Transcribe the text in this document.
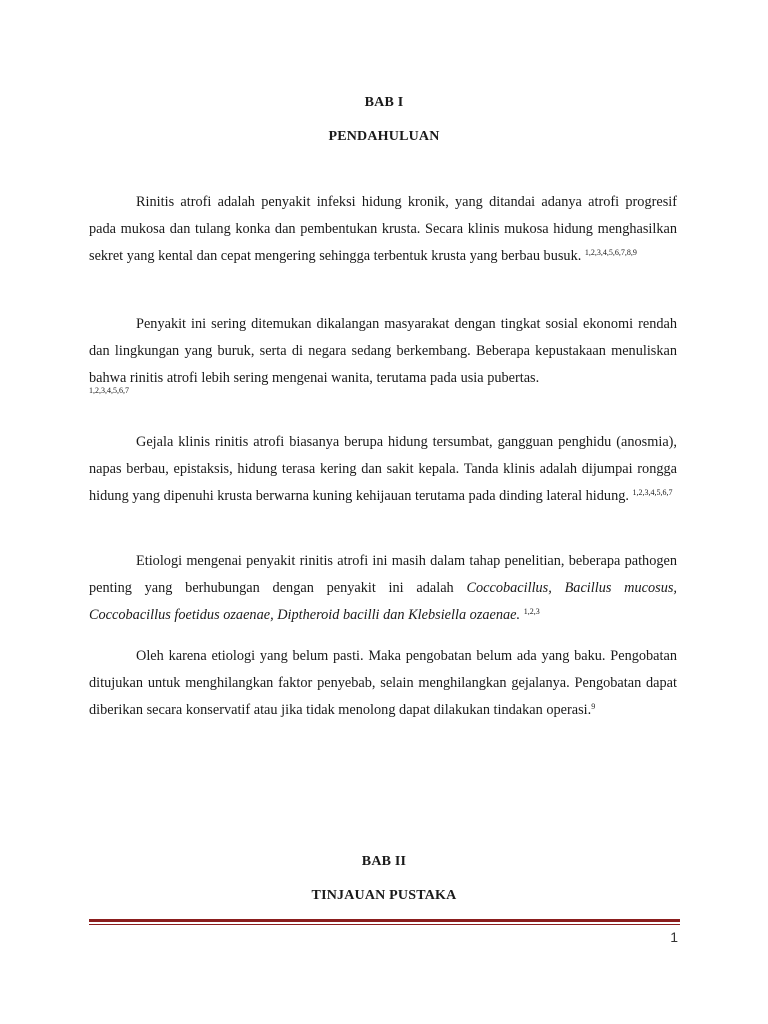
BAB I
PENDAHULUAN
Rinitis atrofi adalah penyakit infeksi hidung kronik, yang ditandai adanya atrofi progresif pada mukosa dan tulang konka dan pembentukan krusta. Secara klinis mukosa hidung menghasilkan sekret yang kental dan cepat mengering sehingga terbentuk krusta yang berbau busuk. $^{1,2,3,4,5,6,7,8,9}$
Penyakit ini sering ditemukan dikalangan masyarakat dengan tingkat sosial ekonomi rendah dan lingkungan yang buruk, serta di negara sedang berkembang. Beberapa kepustakaan menuliskan bahwa rinitis atrofi lebih sering mengenai wanita, terutama pada usia pubertas.
1,2,3,4,5,6,7
Gejala klinis rinitis atrofi biasanya berupa hidung tersumbat, gangguan penghidu (anosmia), napas berbau, epistaksis, hidung terasa kering dan sakit kepala. Tanda klinis adalah dijumpai rongga hidung yang dipenuhi krusta berwarna kuning kehijauan terutama pada dinding lateral hidung. $^{1,2,3,4,5,6,7}$
Etiologi mengenai penyakit rinitis atrofi ini masih dalam tahap penelitian, beberapa pathogen penting yang berhubungan dengan penyakit ini adalah Coccobacillus, Bacillus mucosus, Coccobacillus foetidus ozaenae, Diptheroid bacilli dan Klebsiella ozaenae. $^{1,2,3}$
Oleh karena etiologi yang belum pasti. Maka pengobatan belum ada yang baku. Pengobatan ditujukan untuk menghilangkan faktor penyebab, selain menghilangkan gejalanya. Pengobatan dapat diberikan secara konservatif atau jika tidak menolong dapat dilakukan tindakan operasi.$^9$
BAB II
TINJAUAN PUSTAKA
1
